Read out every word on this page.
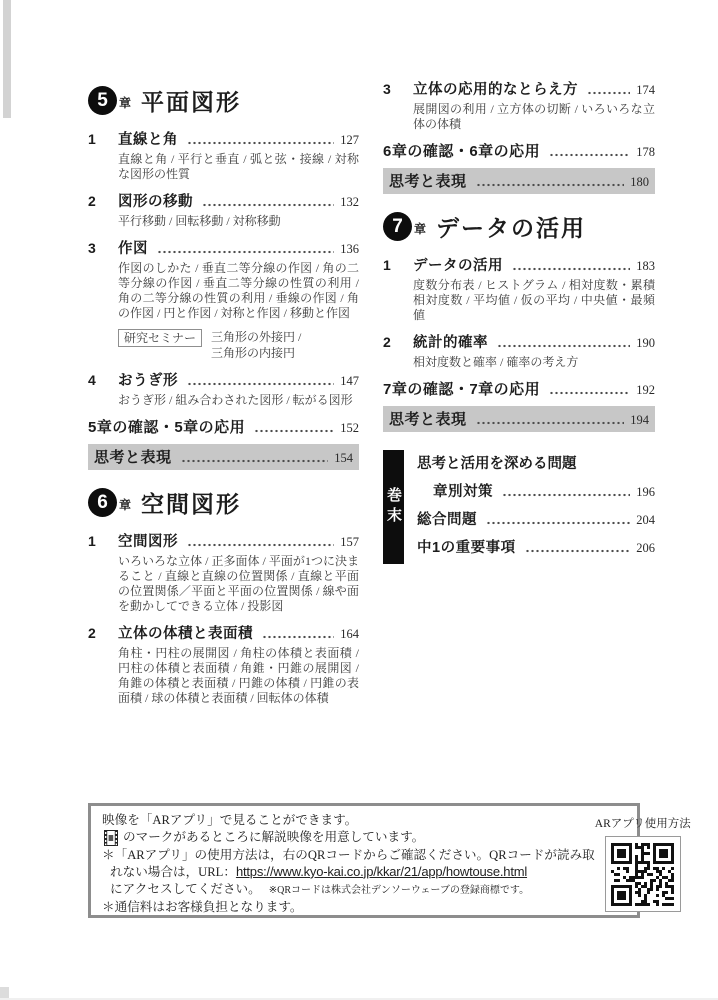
5 章 平面図形
1	直線と角	127
直線と角 / 平行と垂直 / 弧と弦・接線 / 対称な図形の性質
2	図形の移動	132
平行移動 / 回転移動 / 対称移動
3	作図	136
作図のしかた / 垂直二等分線の作図 / 角の二等分線の作図 / 垂直二等分線の性質の利用 / 角の二等分線の性質の利用 / 垂線の作図 / 角の作図 / 円と作図 / 対称と作図 / 移動と作図
研究セミナー	三角形の外接円 /
三角形の内接円
4	おうぎ形	147
おうぎ形 / 組み合わされた図形 / 転がる図形
5章の確認・5章の応用	152
思考と表現	154
6 章 空間図形
1	空間図形	157
いろいろな立体 / 正多面体 / 平面が1つに決まること / 直線と直線の位置関係 / 直線と平面の位置関係／平面と平面の位置関係 / 線や面を動かしてできる立体 / 投影図
2	立体の体積と表面積	164
角柱・円柱の展開図 / 角柱の体積と表面積 / 円柱の体積と表面積 / 角錐・円錐の展開図 / 角錐の体積と表面積 / 円錐の体積 / 円錐の表面積 / 球の体積と表面積 / 回転体の体積
3	立体の応用的なとらえ方	174
展開図の利用 / 立方体の切断 / いろいろな立体の体積
6章の確認・6章の応用	178
思考と表現	180
7 章 データの活用
1	データの活用	183
度数分布表 / ヒストグラム / 相対度数・累積相対度数 / 平均値 / 仮の平均 / 中央値・最頻値
2	統計的確率	190
相対度数と確率 / 確率の考え方
7章の確認・7章の応用	192
思考と表現	194
巻末
思考と活用を深める問題
章別対策	196
総合問題	204
中1の重要事項	206
映像を「ARアプリ」で見ることができます。
のマークがあるところに解説映像を用意しています。
＊「ARアプリ」の使用方法は，右のQRコードからご確認ください。QRコードが読み取
れない場合は，URL：https://www.kyo-kai.co.jp/kkar/21/app/howtouse.html
にアクセスしてください。 ※QRコードは株式会社デンソーウェーブの登録商標です。
＊通信料はお客様負担となります。
ARアプリ使用方法
